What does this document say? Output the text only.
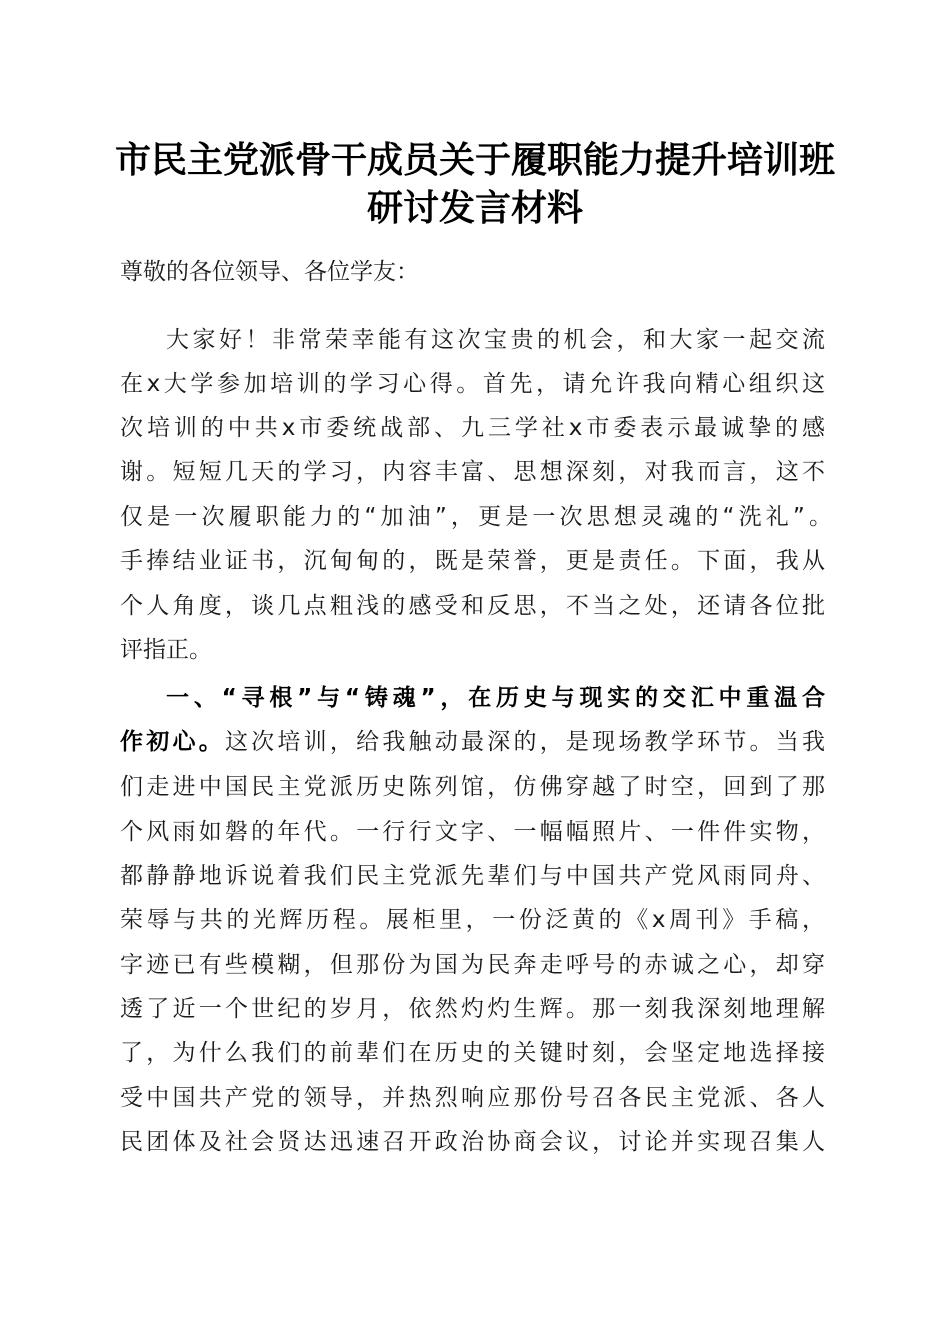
市民主党派骨干成员关于履职能力提升培训班
研讨发言材料
尊敬的各位领导、各位学友：
大家好！非常荣幸能有这次宝贵的机会，和大家一起交流
在x大学参加培训的学习心得。首先，请允许我向精心组织这
次培训的中共x市委统战部、九三学社x市委表示最诚挚的感
谢。短短几天的学习，内容丰富、思想深刻，对我而言，这不
仅是一次履职能力的“加油”，更是一次思想灵魂的“洗礼”。
手捧结业证书，沉甸甸的，既是荣誉，更是责任。下面，我从
个人角度，谈几点粗浅的感受和反思，不当之处，还请各位批
评指正。
一、“寻根”与“铸魂”，在历史与现实的交汇中重温合
作初心。这次培训，给我触动最深的，是现场教学环节。当我
们走进中国民主党派历史陈列馆，仿佛穿越了时空，回到了那
个风雨如磐的年代。一行行文字、一幅幅照片、一件件实物，
都静静地诉说着我们民主党派先辈们与中国共产党风雨同舟、
荣辱与共的光辉历程。展柜里，一份泛黄的《x周刊》手稿，
字迹已有些模糊，但那份为国为民奔走呼号的赤诚之心，却穿
透了近一个世纪的岁月，依然灼灼生辉。那一刻我深刻地理解
了，为什么我们的前辈们在历史的关键时刻，会坚定地选择接
受中国共产党的领导，并热烈响应那份号召各民主党派、各人
民团体及社会贤达迅速召开政治协商会议，讨论并实现召集人
